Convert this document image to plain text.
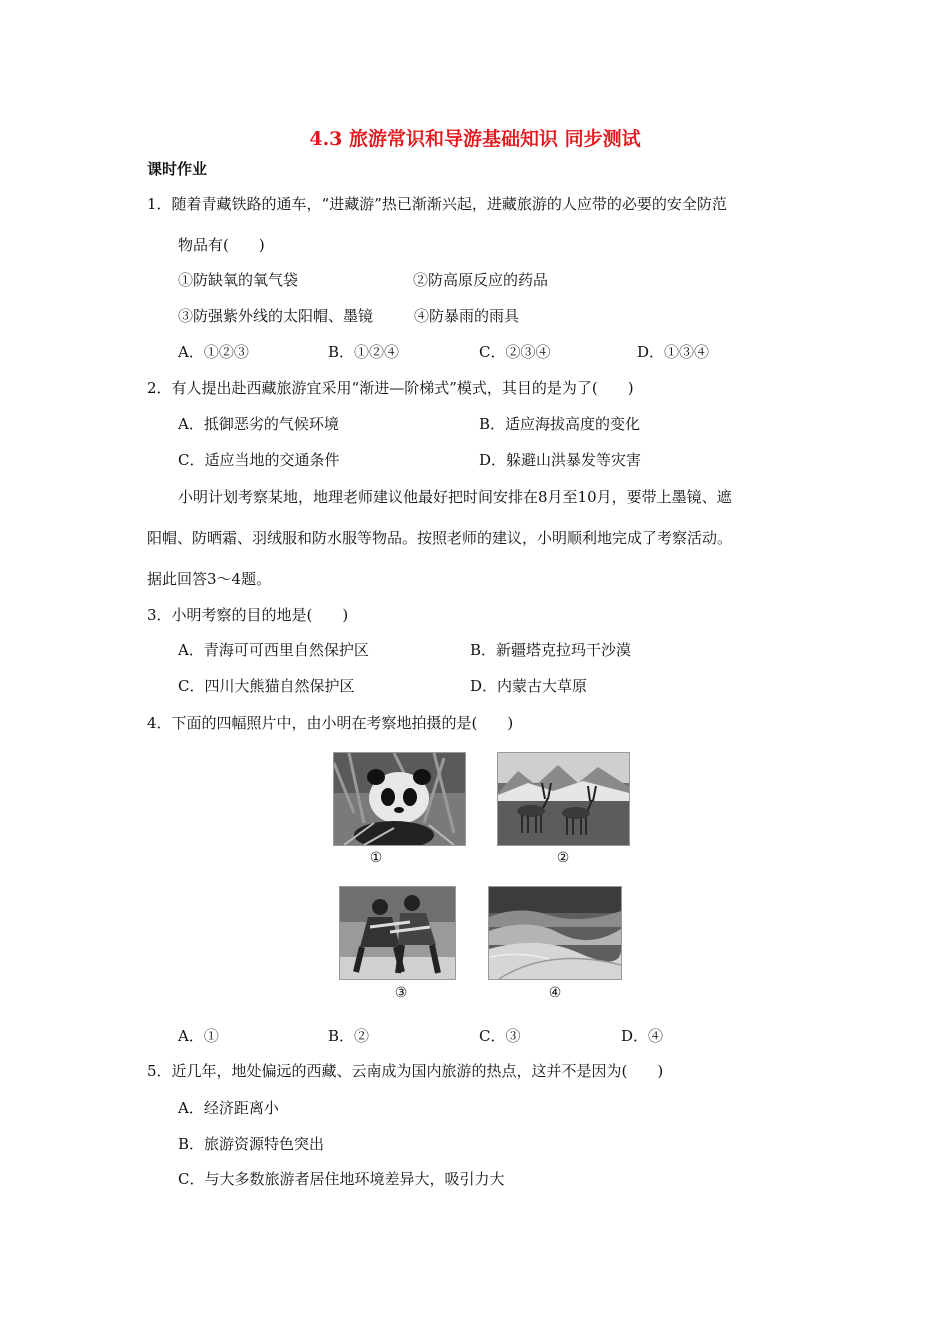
4.3 旅游常识和导游基础知识 同步测试
课时作业
1．随着青藏铁路的通车，“进藏游”热已渐渐兴起，进藏旅游的人应带的必要的安全防范
物品有(　　)
①防缺氧的氧气袋	②防高原反应的药品
③防强紫外线的太阳帽、墨镜	④防暴雨的雨具
A．①②③	B．①②④	C．②③④	D．①③④
2．有人提出赴西藏旅游宜采用“渐进—阶梯式”模式，其目的是为了(　　)
A．抵御恶劣的气候环境	B．适应海拔高度的变化
C．适应当地的交通条件	D．躲避山洪暴发等灾害
小明计划考察某地，地理老师建议他最好把时间安排在8月至10月，要带上墨镜、遮
阳帽、防晒霜、羽绒服和防水服等物品。按照老师的建议，小明顺利地完成了考察活动。
据此回答3～4题。
3．小明考察的目的地是(　　)
A．青海可可西里自然保护区	B．新疆塔克拉玛干沙漠
C．四川大熊猫自然保护区	D．内蒙古大草原
4．下面的四幅照片中，由小明在考察地拍摄的是(　　)
①	②
③	④
A．①	B．②	C．③	D．④
5．近几年，地处偏远的西藏、云南成为国内旅游的热点，这并不是因为(　　)
A．经济距离小
B．旅游资源特色突出
C．与大多数旅游者居住地环境差异大，吸引力大
